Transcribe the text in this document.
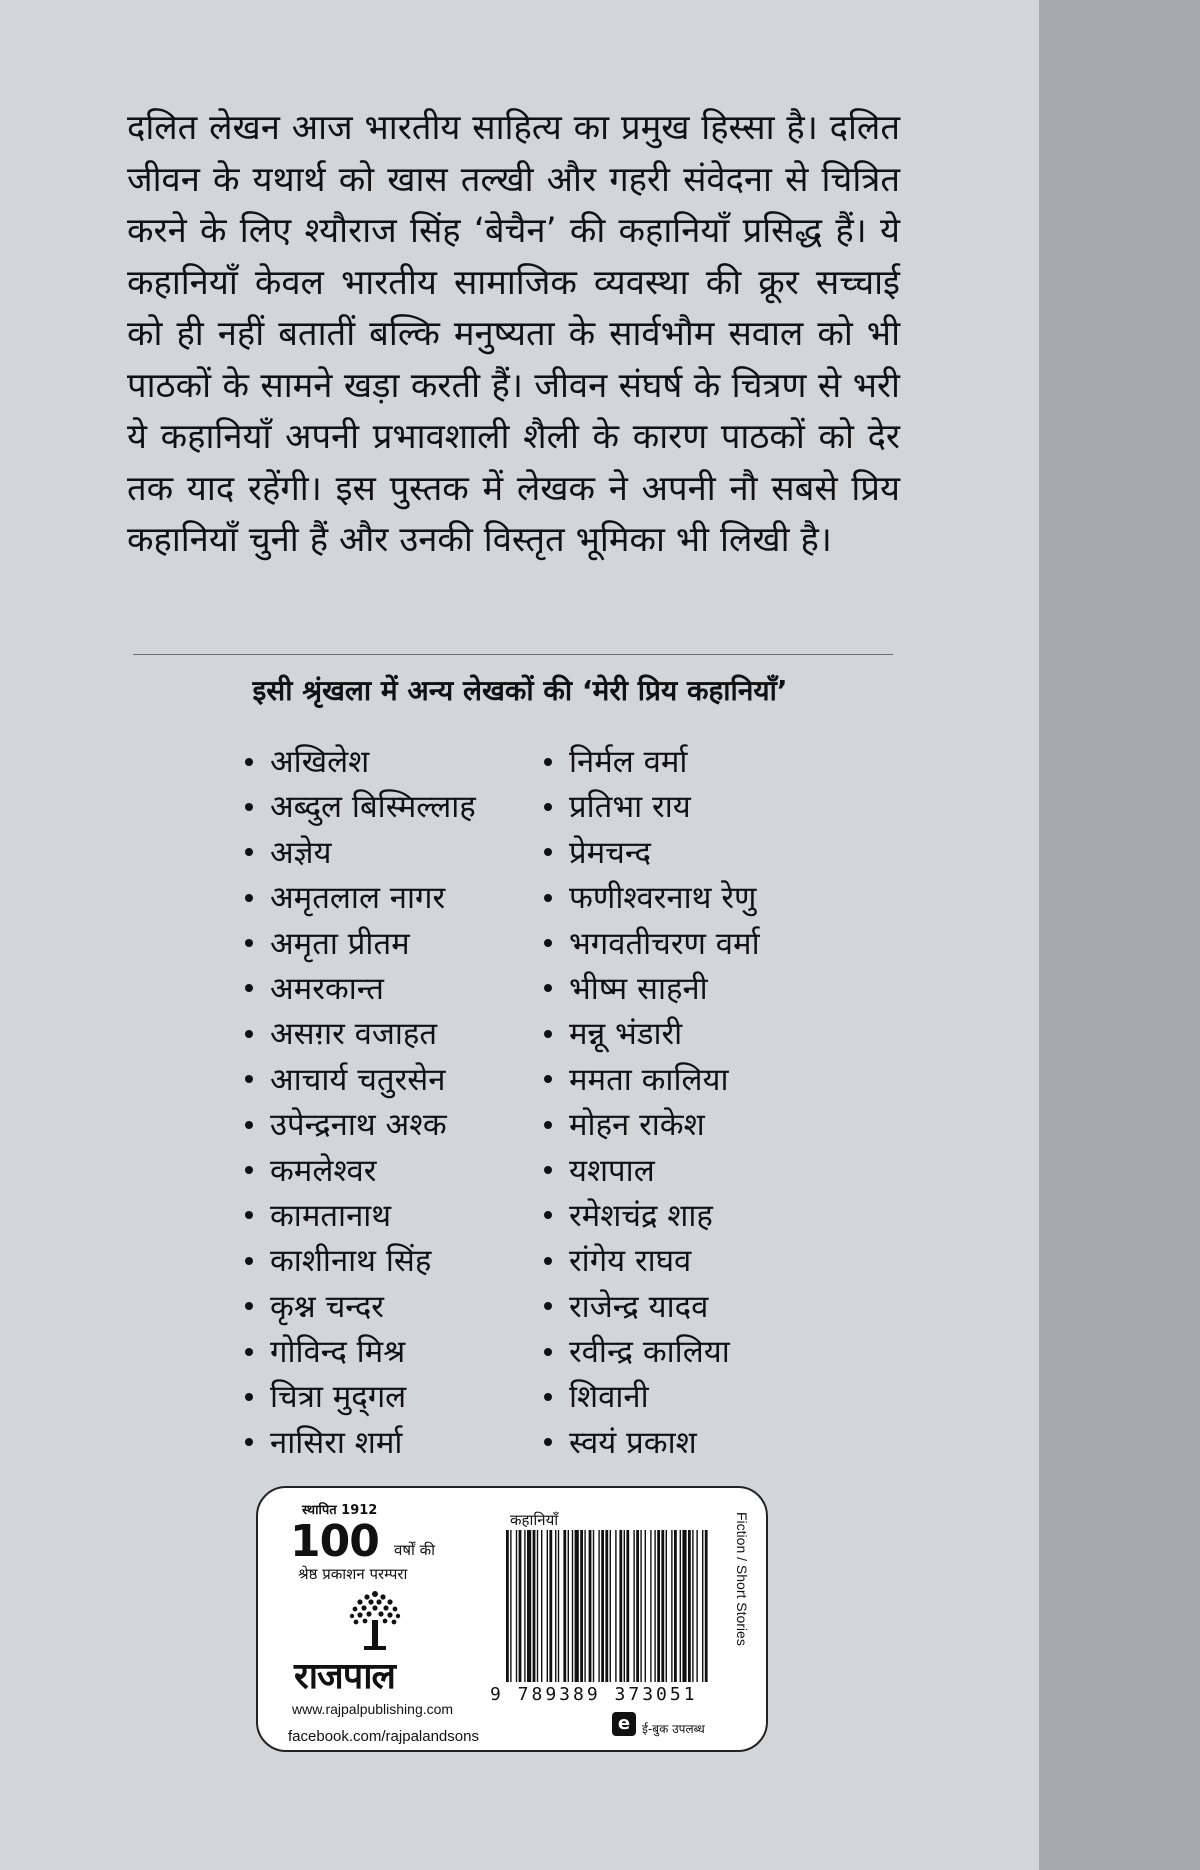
दलित लेखन आज भारतीय साहित्य का प्रमुख हिस्सा है। दलित जीवन के यथार्थ को खास तल्खी और गहरी संवेदना से चित्रित करने के लिए श्यौराज सिंह ‘बेचैन’ की कहानियाँ प्रसिद्ध हैं। ये कहानियाँ केवल भारतीय सामाजिक व्यवस्था की क्रूर सच्चाई को ही नहीं बतातीं बल्कि मनुष्यता के सार्वभौम सवाल को भी पाठकों के सामने खड़ा करती हैं। जीवन संघर्ष के चित्रण से भरी ये कहानियाँ अपनी प्रभावशाली शैली के कारण पाठकों को देर तक याद रहेंगी। इस पुस्तक में लेखक ने अपनी नौ सबसे प्रिय कहानियाँ चुनी हैं और उनकी विस्तृत भूमिका भी लिखी है।

इसी श्रृंखला में अन्य लेखकों की ‘मेरी प्रिय कहानियाँ’

अखिलेश
अब्दुल बिस्मिल्लाह
अज्ञेय
अमृतलाल नागर
अमृता प्रीतम
अमरकान्त
असग़र वजाहत
आचार्य चतुरसेन
उपेन्द्रनाथ अश्क
कमलेश्वर
कामतानाथ
काशीनाथ सिंह
कृश्न चन्दर
गोविन्द मिश्र
चित्रा मुद्‌गल
नासिरा शर्मा
निर्मल वर्मा
प्रतिभा राय
प्रेमचन्द
फणीश्वरनाथ रेणु
भगवतीचरण वर्मा
भीष्म साहनी
मन्नू भंडारी
ममता कालिया
मोहन राकेश
यशपाल
रमेशचंद्र शाह
रांगेय राघव
राजेन्द्र यादव
रवीन्द्र कालिया
शिवानी
स्वयं प्रकाश
स्थापित 1912
100 वर्षों की
श्रेष्ठ प्रकाशन परम्परा
राजपाल
www.rajpalpublishing.com
facebook.com/rajpalandsons
कहानियाँ
9 789389 373051
e ई-बुक उपलब्ध
Fiction / Short Stories
